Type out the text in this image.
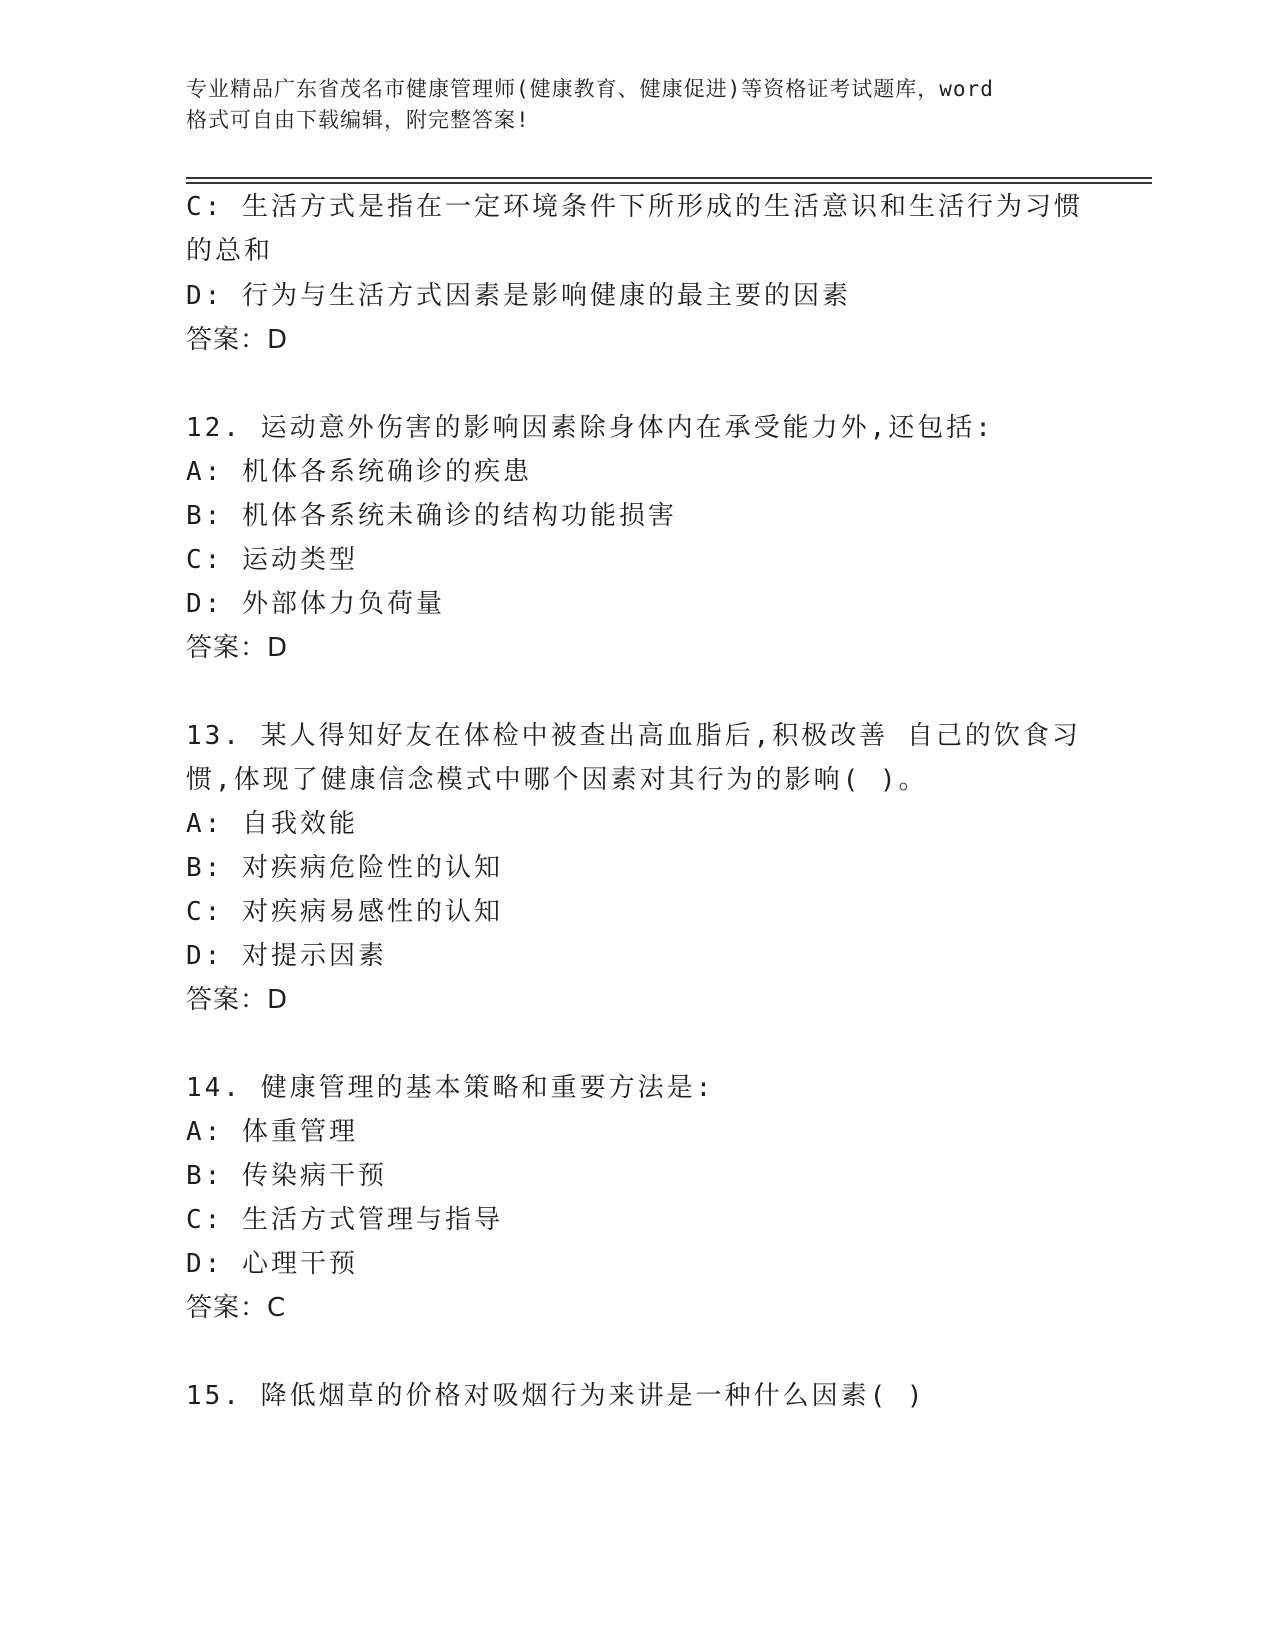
专业精品广东省茂名市健康管理师(健康教育、健康促进)等资格证考试题库，word
格式可自由下载编辑，附完整答案!
C: 生活方式是指在一定环境条件下所形成的生活意识和生活行为习惯
的总和
D: 行为与生活方式因素是影响健康的最主要的因素
答案：D
12. 运动意外伤害的影响因素除身体内在承受能力外,还包括:
A: 机体各系统确诊的疾患
B: 机体各系统未确诊的结构功能损害
C: 运动类型
D: 外部体力负荷量
答案：D
13. 某人得知好友在体检中被查出高血脂后,积极改善 自己的饮食习
惯,体现了健康信念模式中哪个因素对其行为的影响( )。
A: 自我效能
B: 对疾病危险性的认知
C: 对疾病易感性的认知
D: 对提示因素
答案：D
14. 健康管理的基本策略和重要方法是:
A: 体重管理
B: 传染病干预
C: 生活方式管理与指导
D: 心理干预
答案：C
15. 降低烟草的价格对吸烟行为来讲是一种什么因素( )
